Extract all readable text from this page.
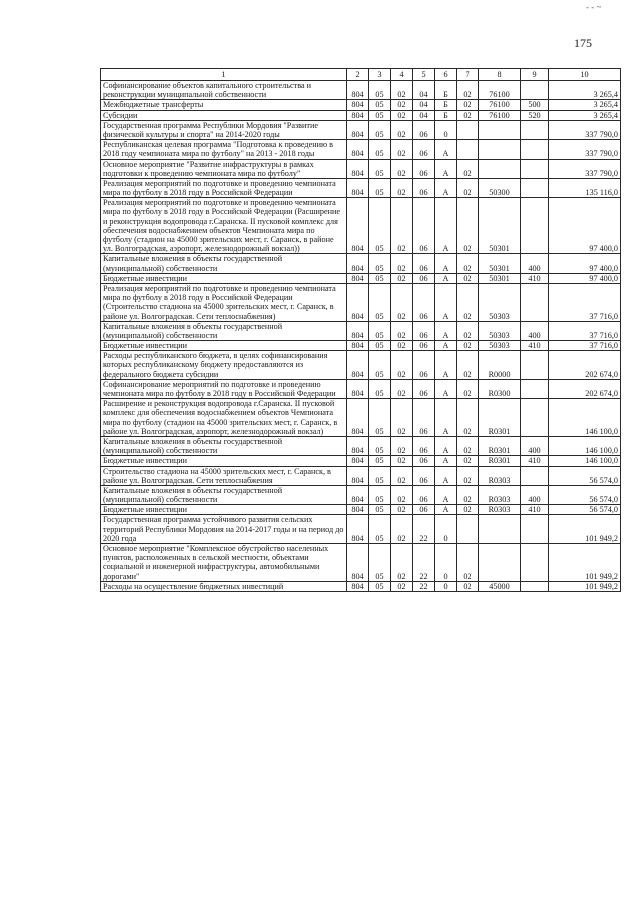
175
- - ~
1	2	3	4	5	6	7	8	9	10
Софинансирование объектов капитального строительства и реконструкции муниципальной собственности	804	05	02	04	Б	02	76100		3 265,4
Межбюджетные трансферты	804	05	02	04	Б	02	76100	500	3 265,4
Субсидии	804	05	02	04	Б	02	76100	520	3 265,4
Государственная программа Республики Мордовия "Развитие физической культуры и спорта" на 2014-2020 годы	804	05	02	06	0				337 790,0
Республиканская целевая программа "Подготовка к проведению в 2018 году чемпионата мира по футболу" на 2013 - 2018 годы	804	05	02	06	А				337 790,0
Основное мероприятие "Развитие инфраструктуры в рамках подготовки к проведению чемпионата мира по футболу"	804	05	02	06	А	02			337 790,0
Реализация мероприятий по подготовке и проведению чемпионата мира по футболу в 2018 году в Российской Федерации	804	05	02	06	А	02	50300		135 116,0
Реализация мероприятий по подготовке и проведению чемпионата мира по футболу в 2018 году в Российской Федерации (Расширение и реконструкция водопровода г.Саранска. II пусковой комплекс для обеспечения водоснабжением объектов Чемпионата мира по футболу (стадион на 45000 зрительских мест, г. Саранск, в районе ул. Волгоградская, аэропорт, железнодорожный вокзал))	804	05	02	06	А	02	50301		97 400,0
Капитальные вложения в объекты государственной (муниципальной) собственности	804	05	02	06	А	02	50301	400	97 400,0
Бюджетные инвестиции	804	05	02	06	А	02	50301	410	97 400,0
Реализация мероприятий по подготовке и проведению чемпионата мира по футболу в 2018 году в Российской Федерации (Строительство стадиона на 45000 зрительских мест, г. Саранск, в районе ул. Волгоградская. Сети теплоснабжения)	804	05	02	06	А	02	50303		37 716,0
Капитальные вложения в объекты государственной (муниципальной) собственности	804	05	02	06	А	02	50303	400	37 716,0
Бюджетные инвестиции	804	05	02	06	А	02	50303	410	37 716,0
Расходы республиканского бюджета, в целях софинансирования которых республиканскому бюджету предоставляются из федерального бюджета субсидии	804	05	02	06	А	02	R0000		202 674,0
Софинансирование мероприятий по подготовке и проведению чемпионата мира по футболу в 2018 году в Российской Федерации	804	05	02	06	А	02	R0300		202 674,0
Расширение и реконструкция водопровода г.Саранска. II пусковой комплекс для обеспечения водоснабжением объектов Чемпионата мира по футболу (стадион на 45000 зрительских мест, г. Саранск, в районе ул. Волгоградская, аэропорт, железнодорожный вокзал)	804	05	02	06	А	02	R0301		146 100,0
Капитальные вложения в объекты государственной (муниципальной) собственности	804	05	02	06	А	02	R0301	400	146 100,0
Бюджетные инвестиции	804	05	02	06	А	02	R0301	410	146 100,0
Строительство стадиона на 45000 зрительских мест, г. Саранск, в районе ул. Волгоградская. Сети теплоснабжения	804	05	02	06	А	02	R0303		56 574,0
Капитальные вложения в объекты государственной (муниципальной) собственности	804	05	02	06	А	02	R0303	400	56 574,0
Бюджетные инвестиции	804	05	02	06	А	02	R0303	410	56 574,0
Государственная программа устойчивого развития сельских территорий Республики Мордовия на 2014-2017 годы и на период до 2020 года	804	05	02	22	0				101 949,2
Основное мероприятие "Комплексное обустройство населенных пунктов, расположенных в сельской местности, объектами социальной и инженерной инфраструктуры, автомобильными дорогами"	804	05	02	22	0	02			101 949,2
Расходы на осуществление бюджетных инвестиций	804	05	02	22	0	02	45000		101 949,2
